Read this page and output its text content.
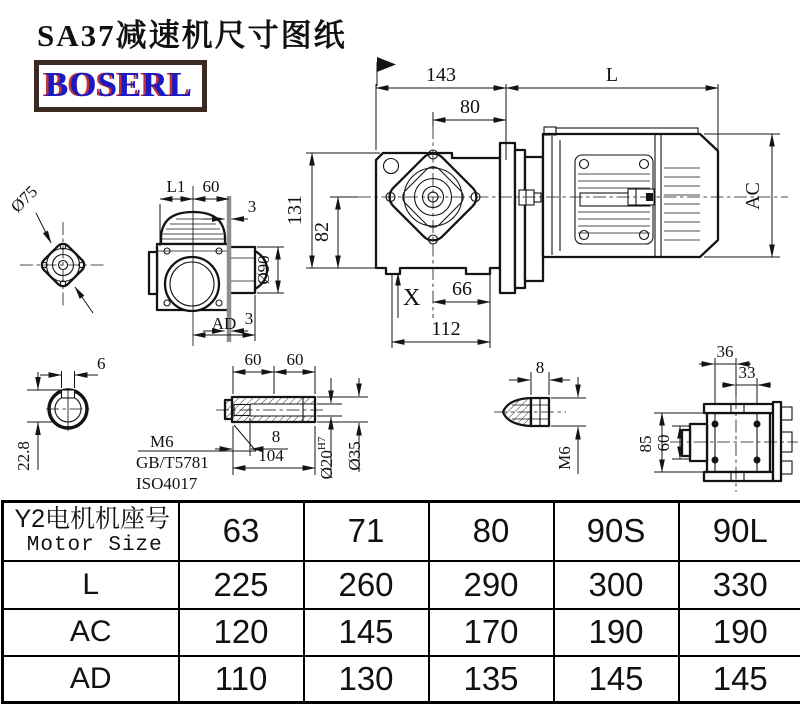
SA37减速机尺寸图纸
BOSERL	143	L
80
131
82
AC
X 66
112
L1 60
3
3
Ø90
AD
Ø75
6
22.8
60 60
8
104
M6
GB/T5781
ISO4017
$Ø20^{H7}$	Ø35
8
M6
36
33
85 60
Y2电机机座号
Motor Size	63	71	80	90S	90L
L	225	260	290	300	330
AC	120	145	170	190	190
AD	110	130	135	145	145
